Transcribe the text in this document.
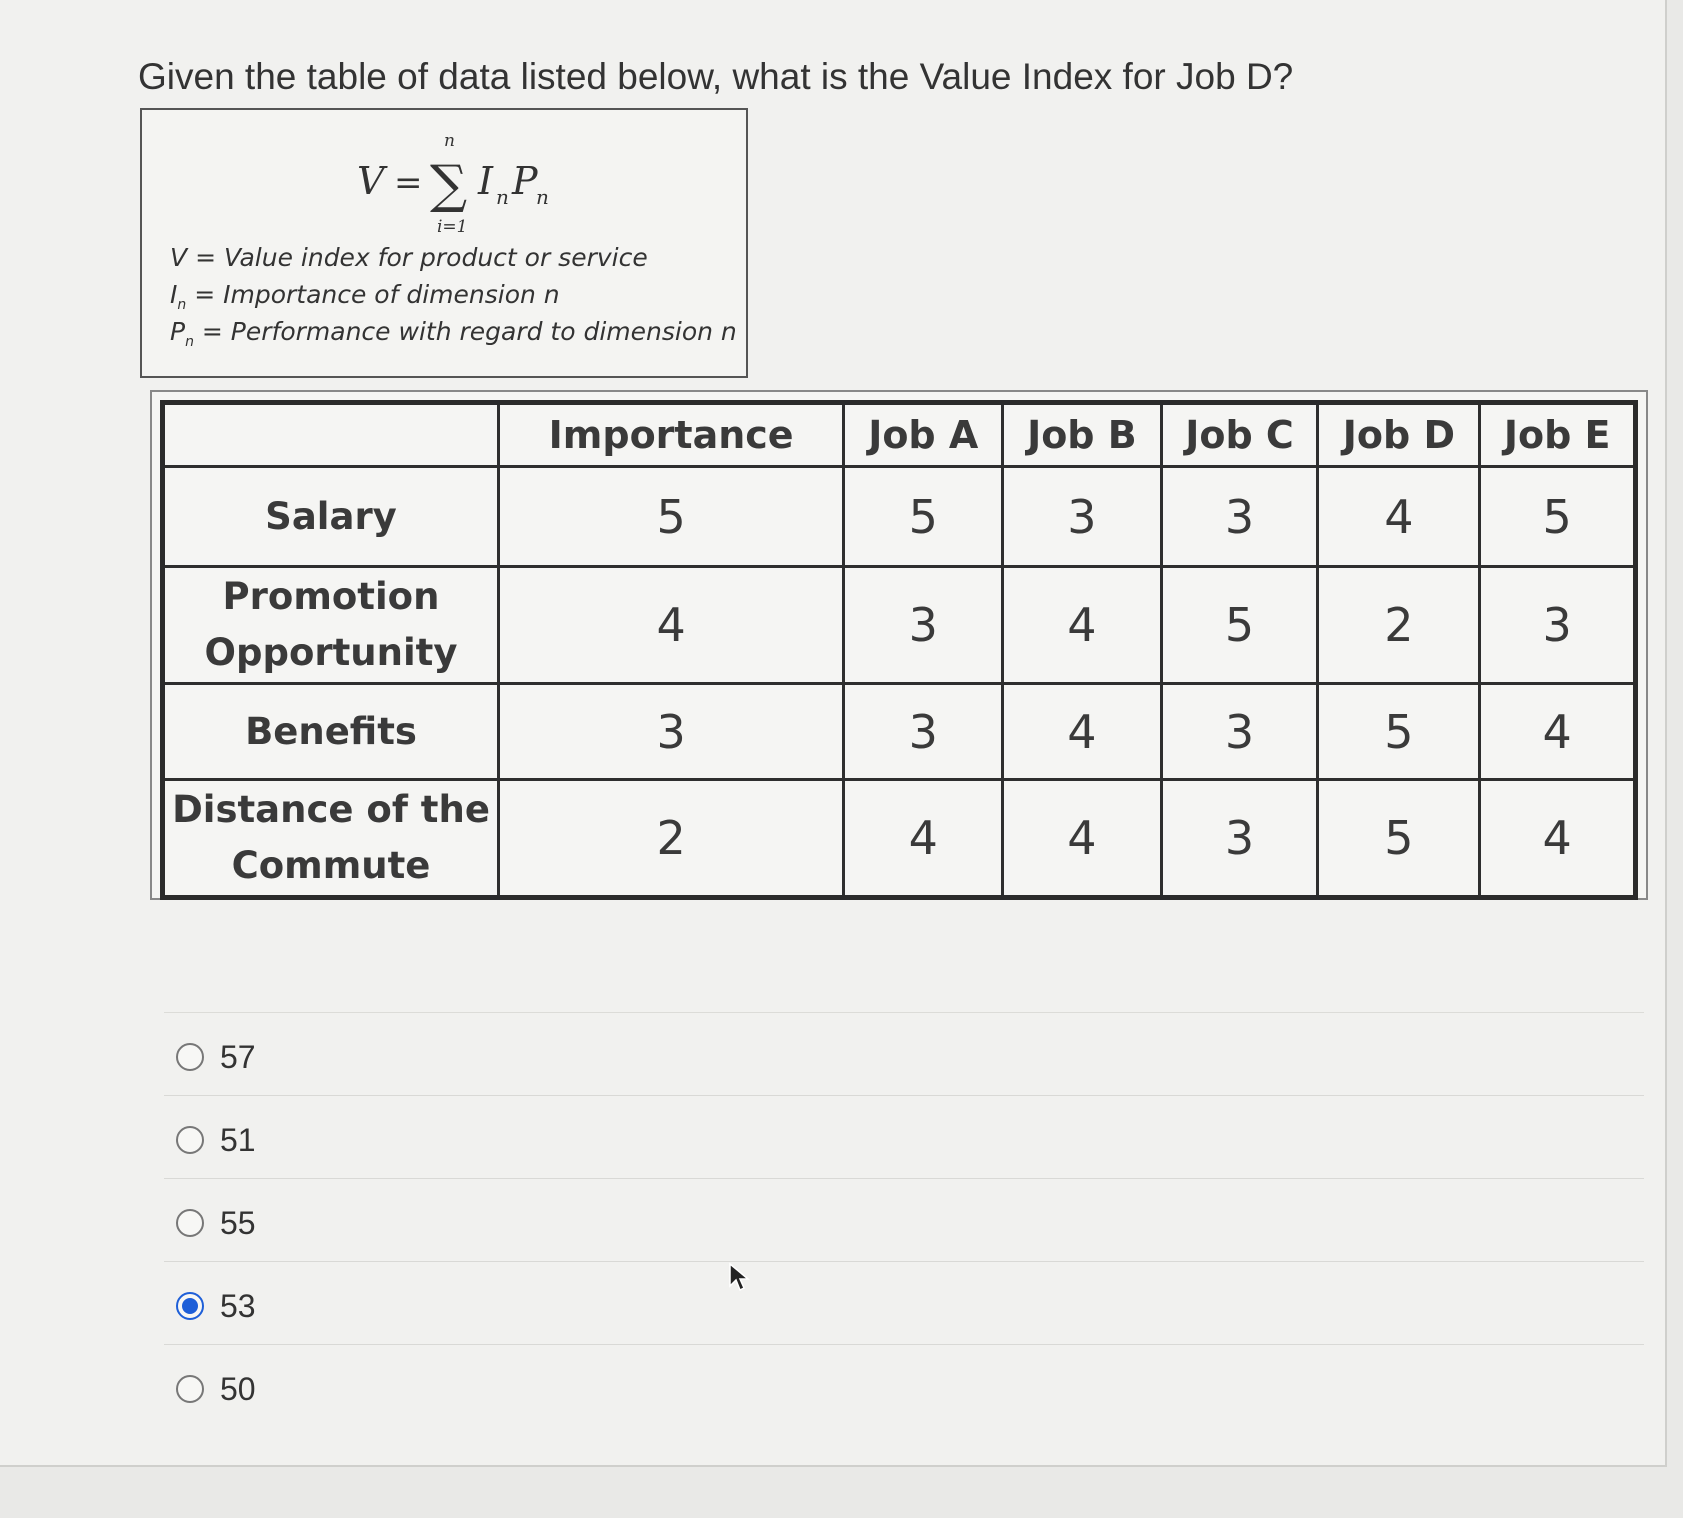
Given the table of data listed below, what is the Value Index for Job D?
V = ∑
n
i=1
I n P
n
V = Value index for product or service
$I_n$ = Importance of dimension n
$P_n$ = Performance with regard to dimension n
	Importance	Job A	Job B	Job C	Job D	Job E
Salary	5	5	3	3	4	5
Promotion
Opportunity	4	3	4	5	2	3
Benefits	3	3	4	3	5	4
Distance of the
Commute	2	4	4	3	5	4
57
51
55
53
50
